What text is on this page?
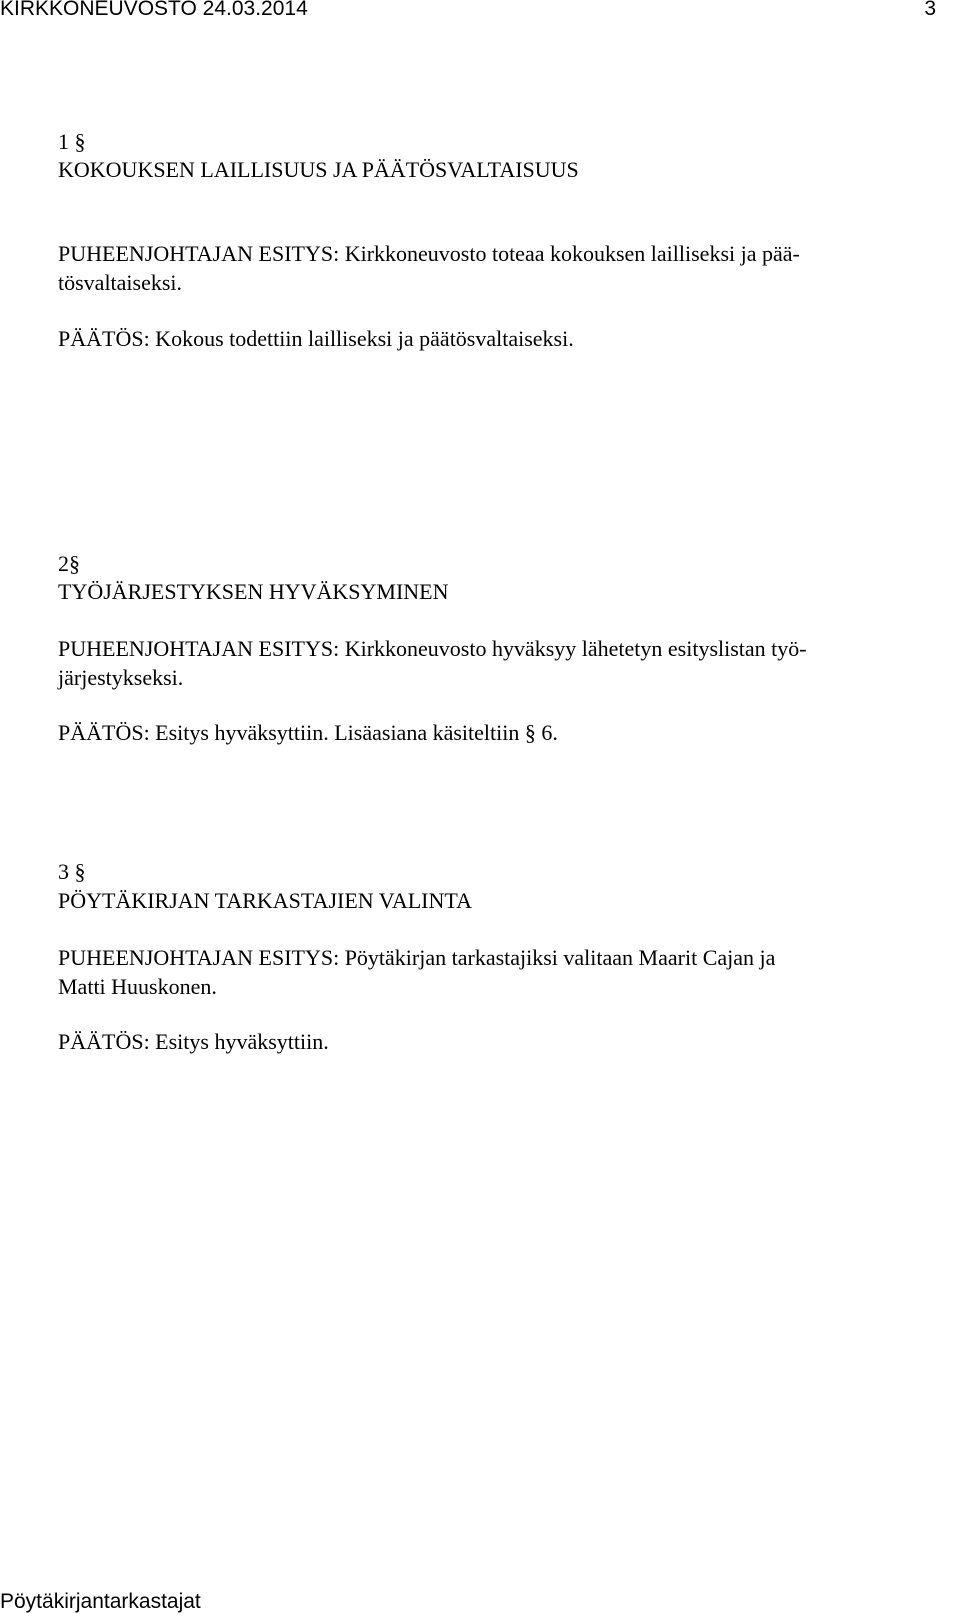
KIRKKONEUVOSTO 24.03.2014	3
1 §
KOKOUKSEN LAILLISUUS JA PÄÄTÖSVALTAISUUS

PUHEENJOHTAJAN ESITYS: Kirkkoneuvosto toteaa kokouksen lailliseksi ja pää-

tösvaltaiseksi.

PÄÄTÖS: Kokous todettiin lailliseksi ja päätösvaltaiseksi.
2§
TYÖJÄRJESTYKSEN HYVÄKSYMINEN

PUHEENJOHTAJAN ESITYS: Kirkkoneuvosto hyväksyy lähetetyn esityslistan työ-

järjestykseksi.

PÄÄTÖS: Esitys hyväksyttiin. Lisäasiana käsiteltiin § 6.
3 §
PÖYTÄKIRJAN TARKASTAJIEN VALINTA

PUHEENJOHTAJAN ESITYS: Pöytäkirjan tarkastajiksi valitaan Maarit Cajan ja

Matti Huuskonen.

PÄÄTÖS: Esitys hyväksyttiin.
Pöytäkirjantarkastajat
